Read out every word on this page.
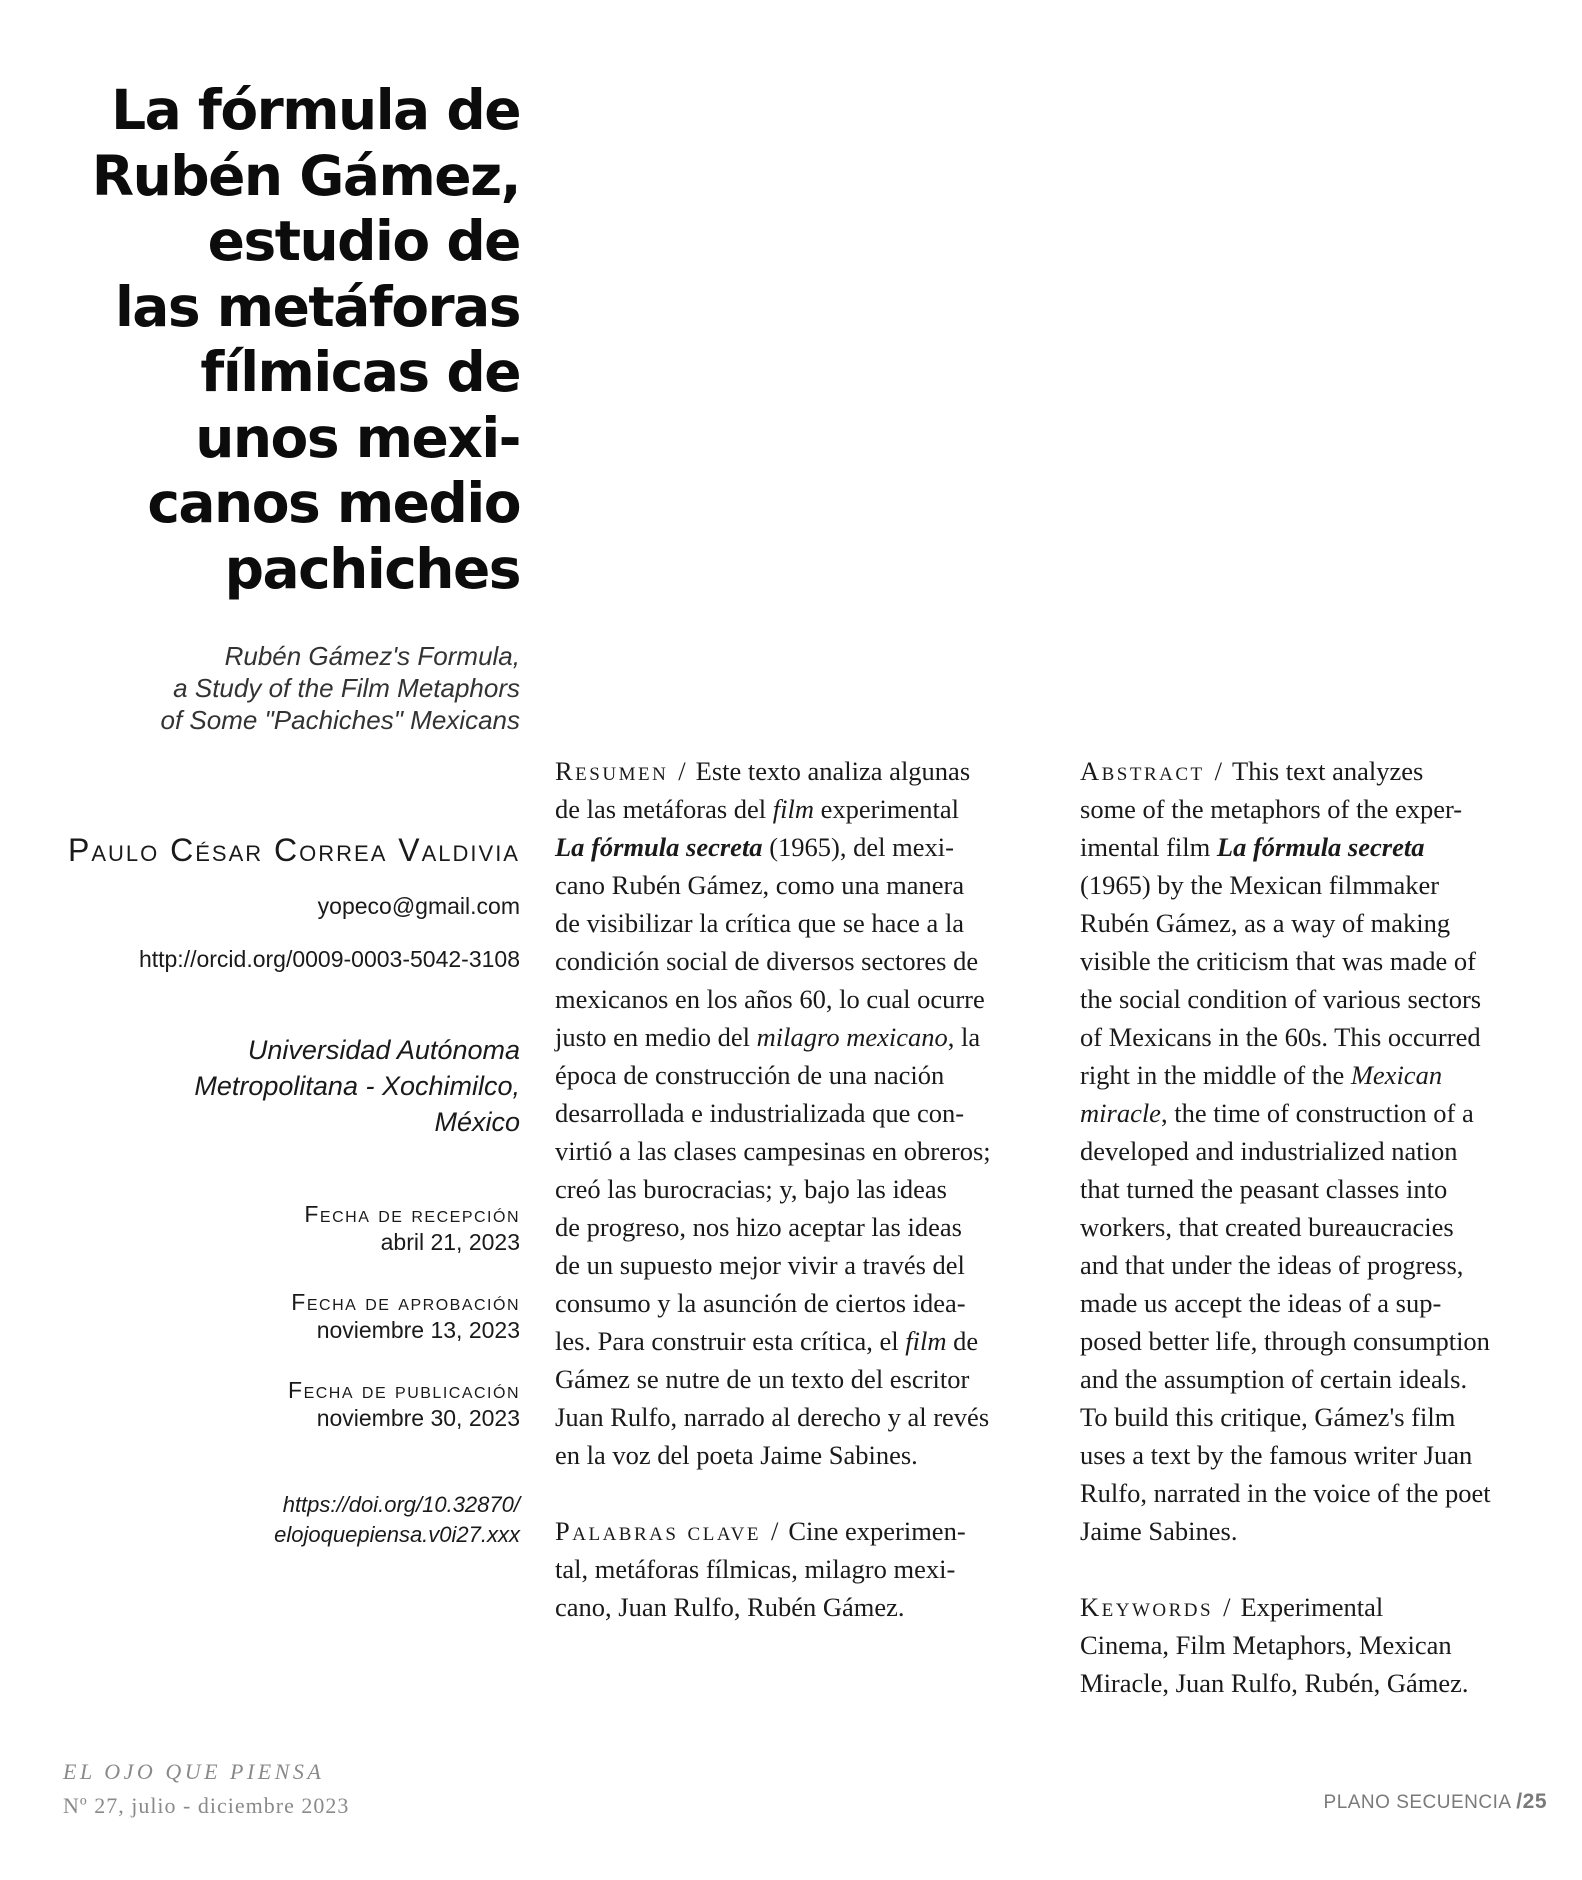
La fórmula de
Rubén Gámez,
estudio de
las metáforas
fílmicas de
unos mexi-
canos medio
pachiches
Rubén Gámez's Formula,
a Study of the Film Metaphors
of Some "Pachiches" Mexicans
Paulo César Correa Valdivia
yopeco@gmail.com
http://orcid.org/0009-0003-5042-3108
Universidad Autónoma
Metropolitana - Xochimilco,
México
Fecha de recepción
abril 21, 2023
Fecha de aprobación
noviembre 13, 2023
Fecha de publicación
noviembre 30, 2023
https://doi.org/10.32870/
elojoquepiensa.v0i27.xxx

Resumen / Este texto analiza algunas
de las metáforas del film experimental
La fórmula secreta (1965), del mexi-
cano Rubén Gámez, como una manera
de visibilizar la crítica que se hace a la
condición social de diversos sectores de
mexicanos en los años 60, lo cual ocurre
justo en medio del milagro mexicano, la
época de construcción de una nación
desarrollada e industrializada que con-
virtió a las clases campesinas en obreros;
creó las burocracias; y, bajo las ideas
de progreso, nos hizo aceptar las ideas
de un supuesto mejor vivir a través del
consumo y la asunción de ciertos idea-
les. Para construir esta crítica, el film de
Gámez se nutre de un texto del escritor
Juan Rulfo, narrado al derecho y al revés
en la voz del poeta Jaime Sabines.

Palabras clave / Cine experimen-
tal, metáforas fílmicas, milagro mexi-
cano, Juan Rulfo, Rubén Gámez.

Abstract / This text analyzes
some of the metaphors of the exper-
imental film La fórmula secreta
(1965) by the Mexican filmmaker
Rubén Gámez, as a way of making
visible the criticism that was made of
the social condition of various sectors
of Mexicans in the 60s. This occurred
right in the middle of the Mexican
miracle, the time of construction of a
developed and industrialized nation
that turned the peasant classes into
workers, that created bureaucracies
and that under the ideas of progress,
made us accept the ideas of a sup-
posed better life, through consumption
and the assumption of certain ideals.
To build this critique, Gámez's film
uses a text by the famous writer Juan
Rulfo, narrated in the voice of the poet
Jaime Sabines.

Keywords / Experimental
Cinema, Film Metaphors, Mexican
Miracle, Juan Rulfo, Rubén, Gámez.

EL OJO QUE PIENSA
Nº 27, julio - diciembre 2023	PLANO SECUENCIA /25
